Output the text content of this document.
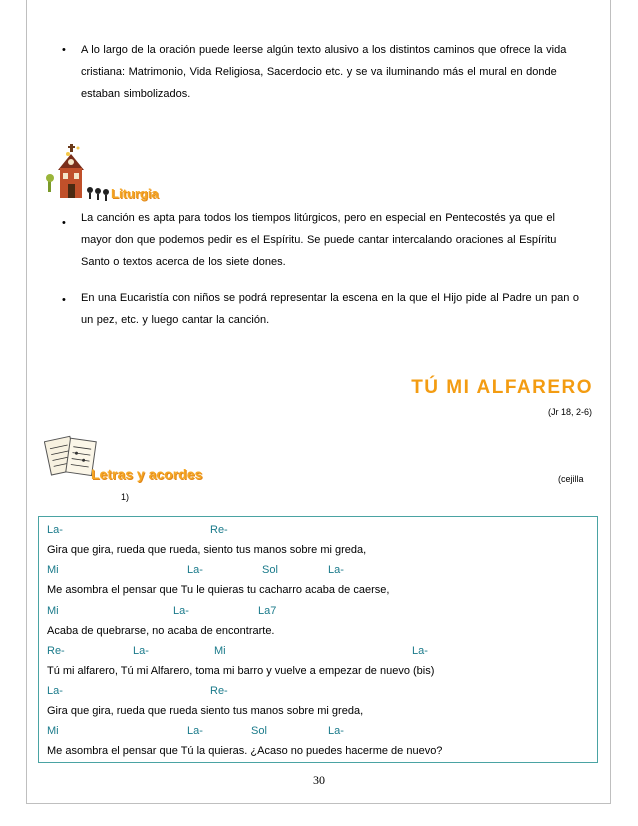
• A lo largo de la oración puede leerse algún texto alusivo a los distintos caminos que ofrece la vida
cristiana: Matrimonio, Vida Religiosa, Sacerdocio etc. y se va iluminando más el mural en donde
estaban simbolizados.
Liturgia
• La canción es apta para todos los tiempos litúrgicos, pero en especial en Pentecostés ya que el
mayor don que podemos pedir es el Espíritu. Se puede cantar intercalando oraciones al Espíritu
Santo o textos acerca de los siete dones.
• En una Eucaristía con niños se podrá representar la escena en la que el Hijo pide al Padre un pan o
un pez, etc. y luego cantar la canción.
TÚ MI ALFARERO
(Jr 18, 2-6)
Letras y acordes	(cejilla
1)
La-	Re-
Gira que gira, rueda que rueda, siento tus manos sobre mi greda,
Mi	La-	Sol	La-
Me asombra el pensar que Tu le quieras tu cacharro acaba de caerse,
Mi	La-	La7
Acaba de quebrarse, no acaba de encontrarte.
Re-	La-	Mi	La-
Tú mi alfarero, Tú mi Alfarero, toma mi barro y vuelve a empezar de nuevo (bis)
La-	Re-
Gira que gira, rueda que rueda siento tus manos sobre mi greda,
Mi	La-	Sol	La-
Me asombra el pensar que Tú la quieras. ¿Acaso no puedes hacerme de nuevo?
30
